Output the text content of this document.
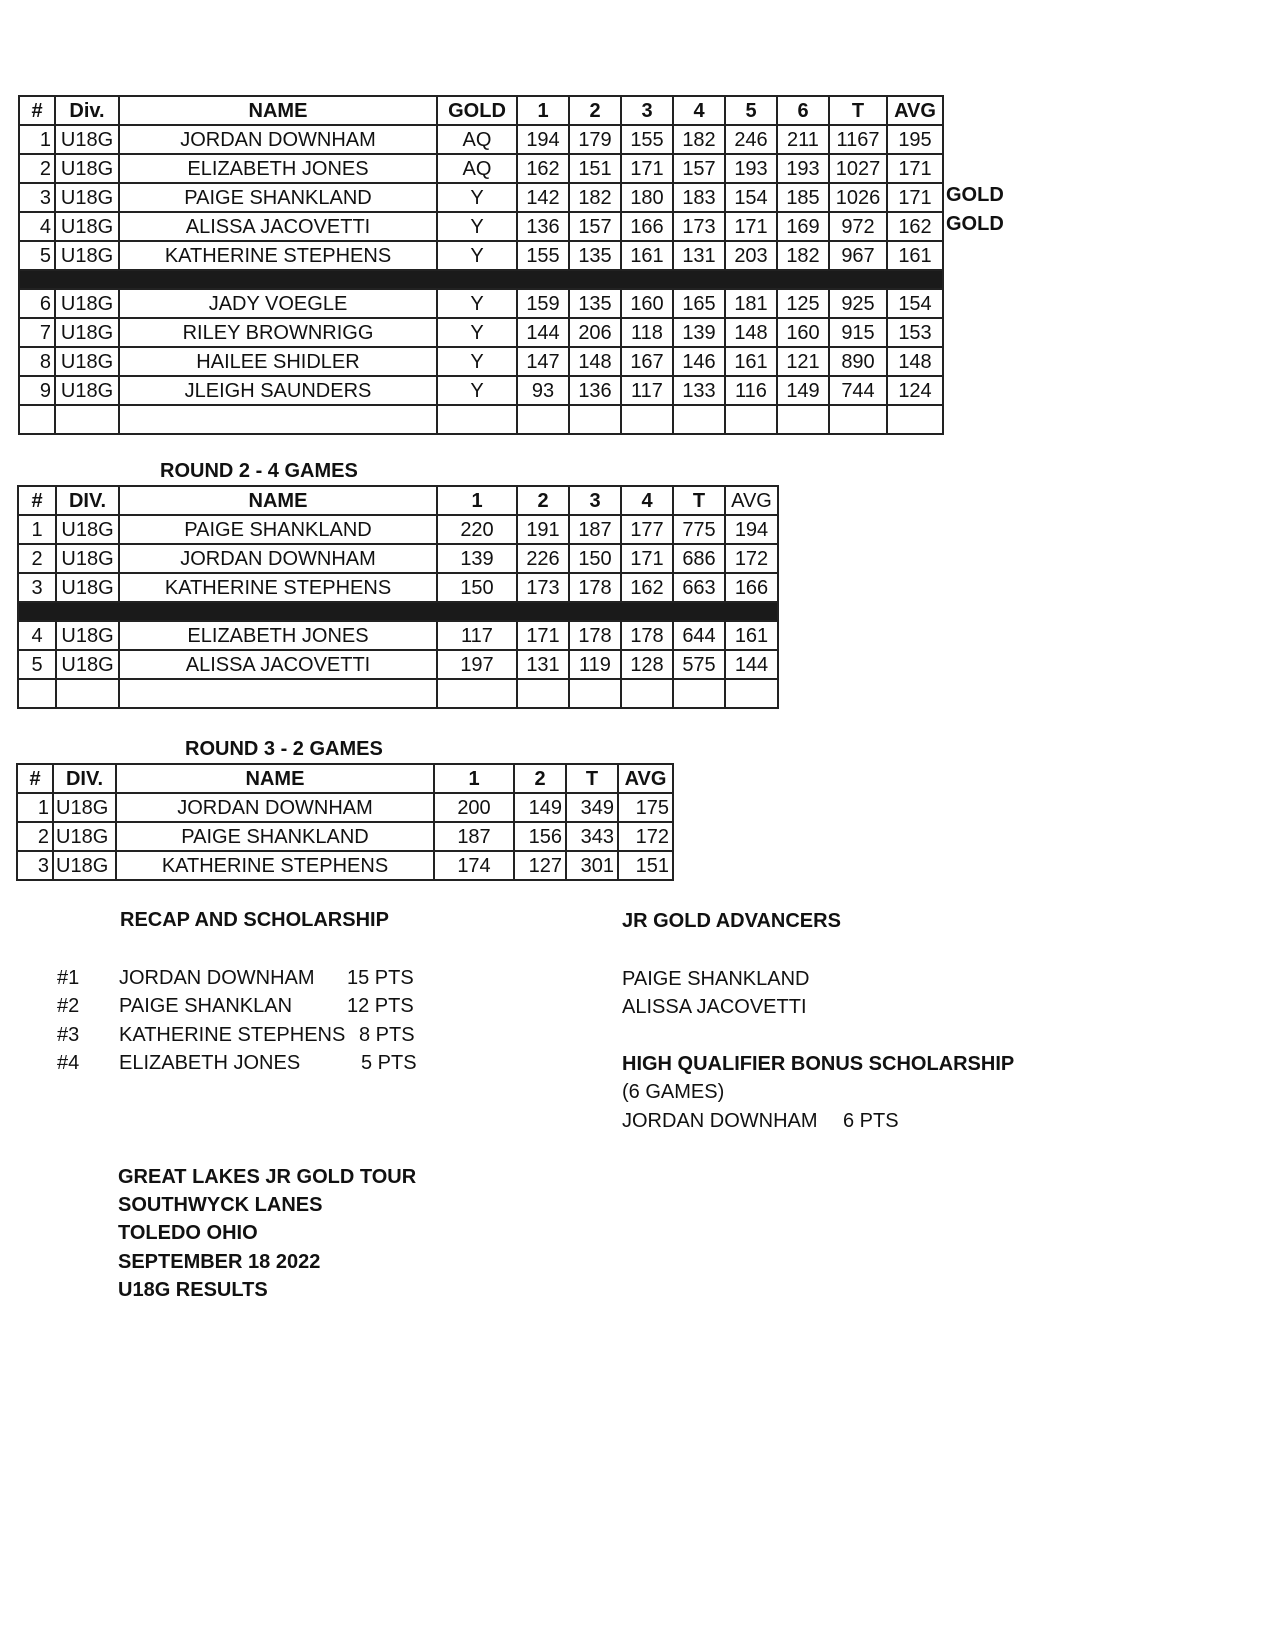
#	Div.	NAME	GOLD	1	2	3	4	5	6	T	AVG
1	U18G	JORDAN DOWNHAM	AQ	194	179	155	182	246	211	1167	195
2	U18G	ELIZABETH JONES	AQ	162	151	171	157	193	193	1027	171
3	U18G	PAIGE SHANKLAND	Y	142	182	180	183	154	185	1026	171
4	U18G	ALISSA JACOVETTI	Y	136	157	166	173	171	169	972	162
5	U18G	KATHERINE STEPHENS	Y	155	135	161	131	203	182	967	161

6	U18G	JADY VOEGLE	Y	159	135	160	165	181	125	925	154
7	U18G	RILEY BROWNRIGG	Y	144	206	118	139	148	160	915	153
8	U18G	HAILEE SHIDLER	Y	147	148	167	146	161	121	890	148
9	U18G	JLEIGH SAUNDERS	Y	93	136	117	133	116	149	744	124

GOLD
GOLD
ROUND 2 - 4 GAMES
#	DIV.	NAME	1	2	3	4	T	AVG
1	U18G	PAIGE SHANKLAND	220	191	187	177	775	194
2	U18G	JORDAN DOWNHAM	139	226	150	171	686	172
3	U18G	KATHERINE STEPHENS	150	173	178	162	663	166

4	U18G	ELIZABETH JONES	117	171	178	178	644	161
5	U18G	ALISSA JACOVETTI	197	131	119	128	575	144

ROUND 3 - 2 GAMES
#	DIV.	NAME	1	2	T	AVG
1	U18G	JORDAN DOWNHAM	200	149	349	175
2	U18G	PAIGE SHANKLAND	187	156	343	172
3	U18G	KATHERINE STEPHENS	174	127	301	151
RECAP AND SCHOLARSHIP
#1 JORDAN DOWNHAM 15 PTS
#2 PAIGE SHANKLAN	12 PTS
#3 KATHERINE STEPHENS 8 PTS
#4 ELIZABETH JONES	5 PTS
JR GOLD ADVANCERS
PAIGE SHANKLAND
ALISSA JACOVETTI
HIGH QUALIFIER BONUS SCHOLARSHIP
(6 GAMES)
JORDAN DOWNHAM 6 PTS
GREAT LAKES JR GOLD TOUR
SOUTHWYCK LANES
TOLEDO OHIO
SEPTEMBER 18 2022
U18G RESULTS
